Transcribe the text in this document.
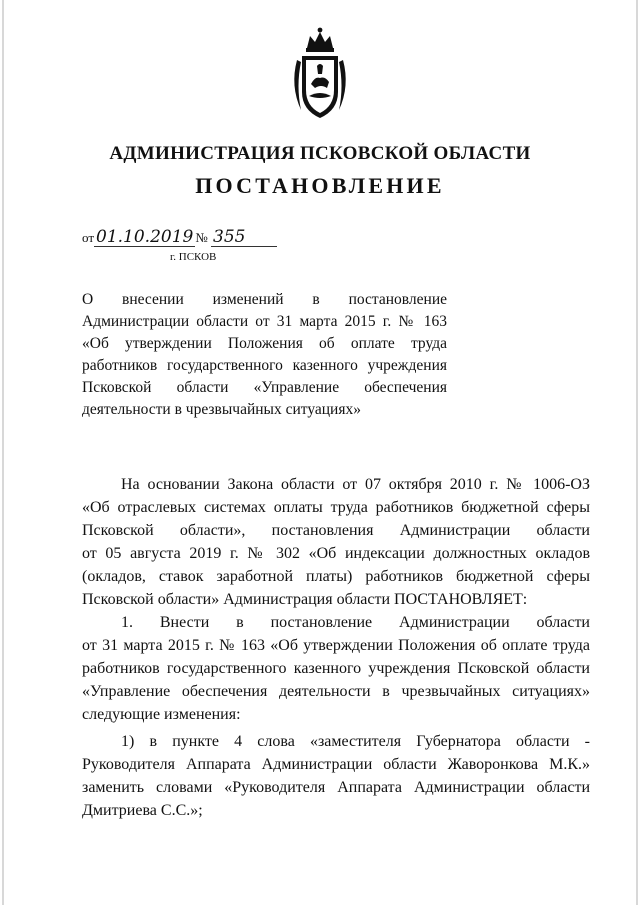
АДМИНИСТРАЦИЯ ПСКОВСКОЙ ОБЛАСТИ
ПОСТАНОВЛЕНИЕ
от 01.10.2019 № 355
г. ПСКОВ
О внесении изменений в постановление
Администрации области от 31 марта 2015 г. № 163
«Об утверждении Положения об оплате труда
работников государственного казенного учреждения
Псковской области «Управление обеспечения
деятельности в чрезвычайных ситуациях»
На основании Закона области от 07 октября 2010 г. № 1006-ОЗ
«Об отраслевых системах оплаты труда работников бюджетной сферы
Псковской области», постановления Администрации области
от 05 августа 2019 г. № 302 «Об индексации должностных окладов
(окладов, ставок заработной платы) работников бюджетной сферы
Псковской области» Администрация области ПОСТАНОВЛЯЕТ:
1. Внести в постановление Администрации области
от 31 марта 2015 г. № 163 «Об утверждении Положения об оплате труда
работников государственного казенного учреждения Псковской области
«Управление обеспечения деятельности в чрезвычайных ситуациях»
следующие изменения:
1) в пункте 4 слова «заместителя Губернатора области -
Руководителя Аппарата Администрации области Жаворонкова М.К.»
заменить словами «Руководителя Аппарата Администрации области
Дмитриева С.С.»;
